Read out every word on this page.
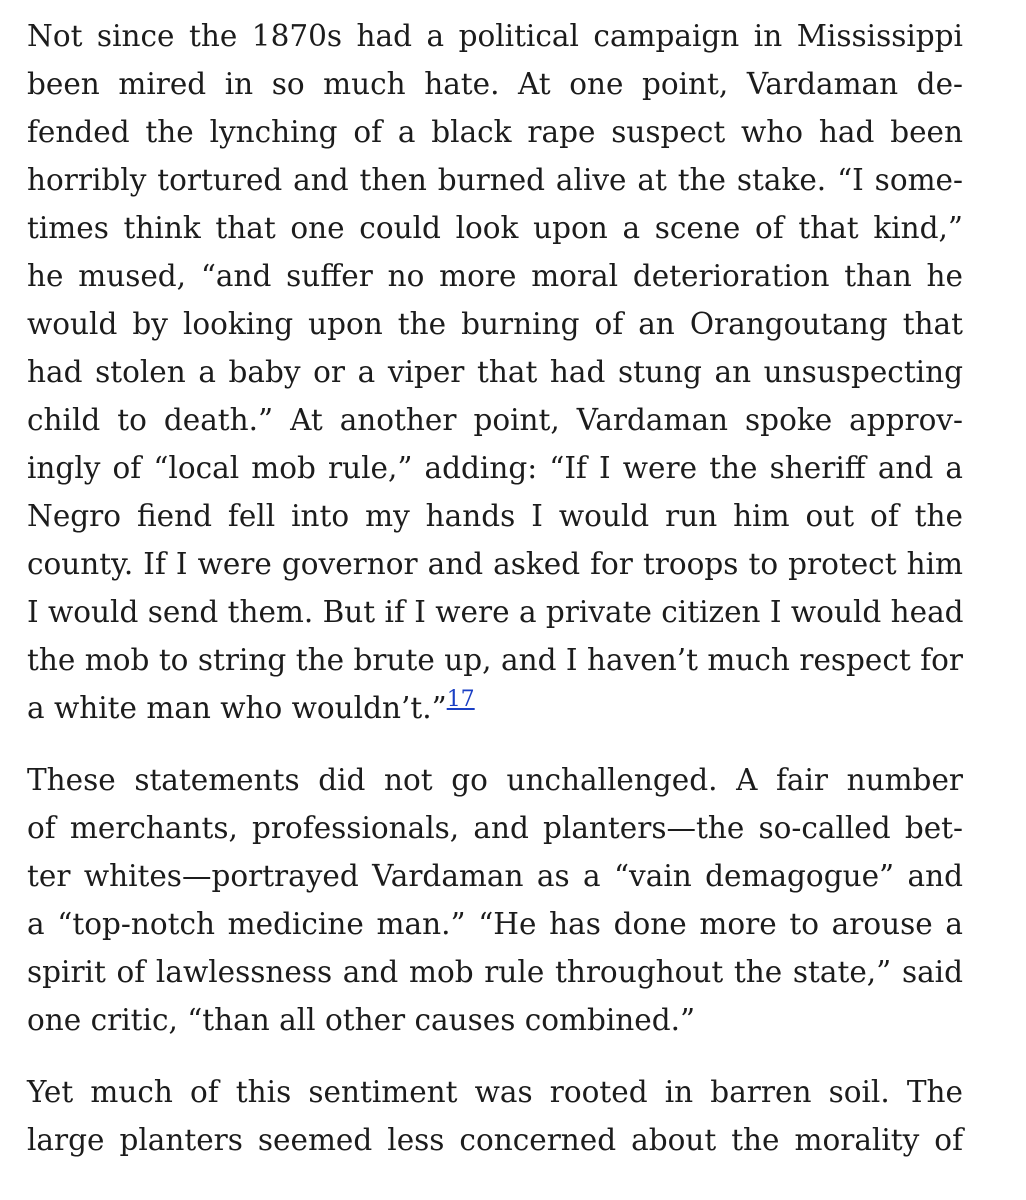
Not since the 1870s had a political campaign in Mississippi
been mired in so much hate. At one point, Vardaman de-
fended the lynching of a black rape suspect who had been
horribly tortured and then burned alive at the stake. “I some-
times think that one could look upon a scene of that kind,”
he mused, “and suffer no more moral deterioration than he
would by looking upon the burning of an Orangoutang that
had stolen a baby or a viper that had stung an unsuspecting
child to death.” At another point, Vardaman spoke approv-
ingly of “local mob rule,” adding: “If I were the sheriff and a
Negro fiend fell into my hands I would run him out of the
county. If I were governor and asked for troops to protect him
I would send them. But if I were a private citizen I would head
the mob to string the brute up, and I haven’t much respect for
a white man who wouldn’t.”$^{17}$

These statements did not go unchallenged. A fair number
of merchants, professionals, and planters—the so-called bet-
ter whites—portrayed Vardaman as a “vain demagogue” and
a “top-notch medicine man.” “He has done more to arouse a
spirit of lawlessness and mob rule throughout the state,” said
one critic, “than all other causes combined.”

Yet much of this sentiment was rooted in barren soil. The
large planters seemed less concerned about the morality of
